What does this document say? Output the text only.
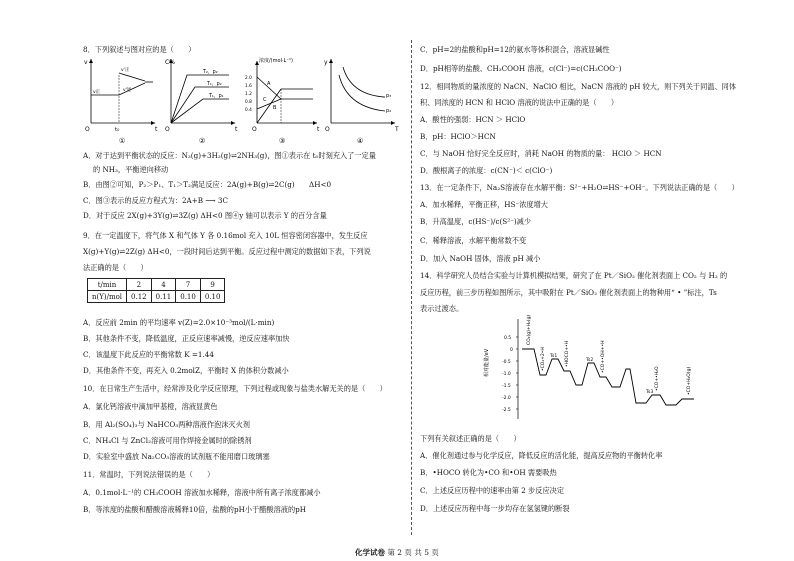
8．下列叙述与图对应的是（　　）
v
t
O	t₀
v正
v'正
v'逆
①
C%
t
O
T₂，p₂
T₁，p₂
T₁，p₁
②
浓度/(mol·L⁻¹)
t
O
2.0
1.6
1.2
0.8
0.4
A
B
C
③
y
T
O
p₃
p₄
④
A．对于达到平衡状态的反应：N₂(g)+3H₂(g)⇌2NH₃(g)，图①表示在 t₀时刻充入了一定量
的 NH₃，平衡逆向移动
B．由图②可知，P₂＞P₁、T₁＞T₂满足反应：2A(g)+B(g)⇌2C(g)　　ΔH<0
C．图③表示的反应方程式为：2A+B ⟶ 3C
D．对于反应 2X(g)+3Y(g)⇌3Z(g) ΔH<0 图④y 轴可以表示 Y 的百分含量
9．在一定温度下，将气体 X 和气体 Y 各 0.16mol 充入 10L 恒容密闭容器中，发生反应
X(g)+Y(g)⇌2Z(g) ΔH<0，一段时间后达到平衡。反应过程中测定的数据如下表，下列说
法正确的是（　　）
t/min	2	4	7	9
n(Y)/mol	0.12	0.11	0.10	0.10
A．反应前 2min 的平均速率 v(Z)=2.0×10⁻³mol/(L·min)
B．其他条件不变，降低温度，正反应速率减慢，逆反应速率加快
C．该温度下此反应的平衡常数 K =1.44
D．其他条件不变，再充入 0.2molZ，平衡时 X 的体积分数减小
10．在日常生产生活中，经常涉及化学反应原理，下列过程或现象与盐类水解无关的是（　　）
A．氯化钙溶液中滴加甲基橙，溶液显黄色
B．用 Al₂(SO₄)₃与 NaHCO₃两种溶液作泡沫灭火剂
C．NH₄Cl 与 ZnCl₂溶液可用作焊接金属时的除锈剂
D．实验室中盛放 Na₂CO₃溶液的试剂瓶不能用磨口玻璃塞
11．常温时，下列说法错误的是（　　）
A．0.1mol·L⁻¹的 CH₃COOH 溶液加水稀释，溶液中所有离子浓度都减小
B．等浓度的盐酸和醋酸溶液稀释10倍，盐酸的pH小于醋酸溶液的pH
C．pH=2的盐酸和pH=12的氨水等体积混合，溶液显碱性
D．pH相等的盐酸、CH₃COOH 溶液，c(Cl⁻)=c(CH₃COO⁻)
12．相同物质的量浓度的 NaCN、NaClO 相比，NaCN 溶液的 pH 较大，则下列关于同温、同体
积、同浓度的 HCN 和 HClO 溶液的说法中正确的是（　　）
A．酸性的强弱：HCN ＞ HClO
B．pH：HClO＞HCN
C．与 NaOH 恰好完全反应时，消耗 NaOH 的物质的量： HClO ＞ HCN
D．酸根离子的浓度：c(CN⁻)＜ c(ClO⁻)
13．在一定条件下，Na₂S溶液存在水解平衡：S²⁻+H₂O⇌HS⁻+OH⁻。下列说法正确的是（　　）
A．加水稀释，平衡正移，HS⁻浓度增大
B．升高温度，c(HS⁻)/c(S²⁻)减少
C．稀释溶液，水解平衡常数不变
D．加入 NaOH 固体，溶液 pH 减小
14．科学研究人员结合实验与计算机模拟结果，研究了在 Pt／SiO₂ 催化剂表面上 CO₂ 与 H₂ 的
反应历程，前三步历程如图所示，其中吸附在 Pt／SiO₂ 催化剂表面上的物种用“ • ”标注，Ts
表示过渡态。
相对能量/eV
0.5
0
-0.5
-1.0
-1.5
-2.0
-2.5
CO₂(g)+H₂(g)
•CO₂+2•H	•HOCO+•H	•CO+•OH+•H
•CO+•H₂O	•CO+H₂O(g)
Ts1
Ts2
Ts3
下列有关叙述正确的是（　　）
A．催化剂通过参与化学反应，降低反应的活化能，提高反应物的平衡转化率
B．•HOCO 转化为•CO 和•OH 需要吸热
C．上述反应历程中的速率由第 2 步反应决定
D．上述反应历程中每一步均存在氢氢键的断裂
化学试卷 第 2 页 共 5 页
